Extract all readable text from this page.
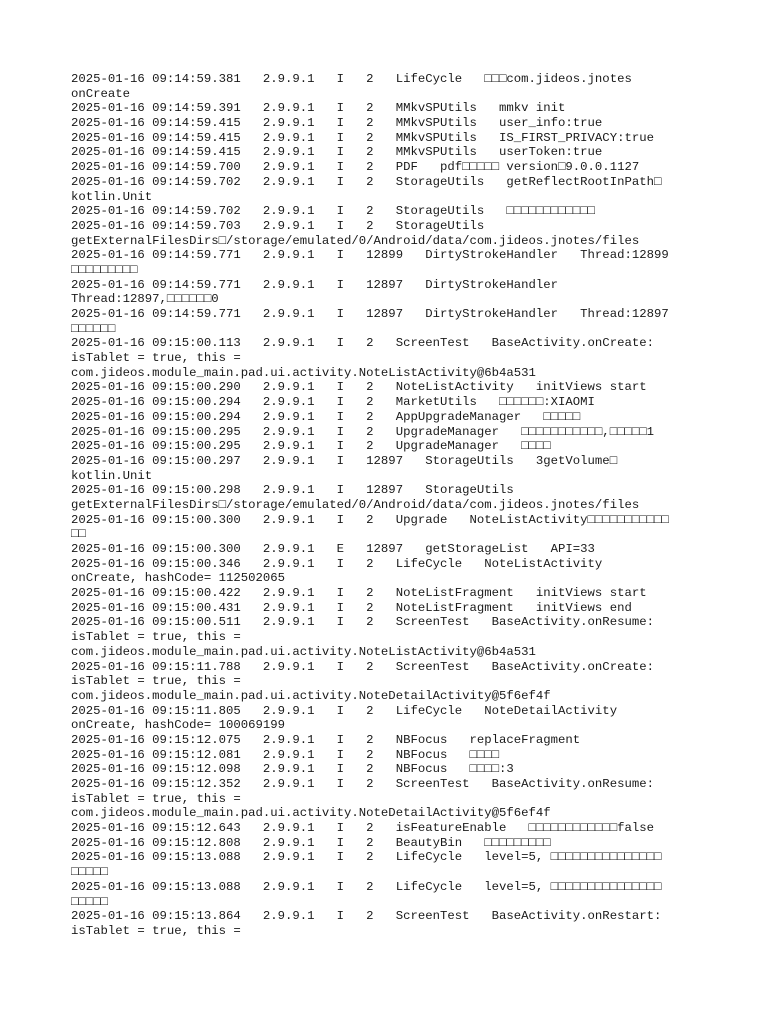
2025-01-16 09:14:59.381   2.9.9.1   I   2   LifeCycle   □□□com.jideos.jnotes
onCreate
2025-01-16 09:14:59.391   2.9.9.1   I   2   MMkvSPUtils   mmkv init
2025-01-16 09:14:59.415   2.9.9.1   I   2   MMkvSPUtils   user_info:true
2025-01-16 09:14:59.415   2.9.9.1   I   2   MMkvSPUtils   IS_FIRST_PRIVACY:true
2025-01-16 09:14:59.415   2.9.9.1   I   2   MMkvSPUtils   userToken:true
2025-01-16 09:14:59.700   2.9.9.1   I   2   PDF   pdf□□□□□ version□9.0.0.1127
2025-01-16 09:14:59.702   2.9.9.1   I   2   StorageUtils   getReflectRootInPath□
kotlin.Unit
2025-01-16 09:14:59.702   2.9.9.1   I   2   StorageUtils   □□□□□□□□□□□□
2025-01-16 09:14:59.703   2.9.9.1   I   2   StorageUtils
getExternalFilesDirs□/storage/emulated/0/Android/data/com.jideos.jnotes/files
2025-01-16 09:14:59.771   2.9.9.1   I   12899   DirtyStrokeHandler   Thread:12899
□□□□□□□□□
2025-01-16 09:14:59.771   2.9.9.1   I   12897   DirtyStrokeHandler
Thread:12897,□□□□□□0
2025-01-16 09:14:59.771   2.9.9.1   I   12897   DirtyStrokeHandler   Thread:12897
□□□□□□
2025-01-16 09:15:00.113   2.9.9.1   I   2   ScreenTest   BaseActivity.onCreate:
isTablet = true, this =
com.jideos.module_main.pad.ui.activity.NoteListActivity@6b4a531
2025-01-16 09:15:00.290   2.9.9.1   I   2   NoteListActivity   initViews start
2025-01-16 09:15:00.294   2.9.9.1   I   2   MarketUtils   □□□□□□:XIAOMI
2025-01-16 09:15:00.294   2.9.9.1   I   2   AppUpgradeManager   □□□□□
2025-01-16 09:15:00.295   2.9.9.1   I   2   UpgradeManager   □□□□□□□□□□□,□□□□□1
2025-01-16 09:15:00.295   2.9.9.1   I   2   UpgradeManager   □□□□
2025-01-16 09:15:00.297   2.9.9.1   I   12897   StorageUtils   3getVolume□
kotlin.Unit
2025-01-16 09:15:00.298   2.9.9.1   I   12897   StorageUtils
getExternalFilesDirs□/storage/emulated/0/Android/data/com.jideos.jnotes/files
2025-01-16 09:15:00.300   2.9.9.1   I   2   Upgrade   NoteListActivity□□□□□□□□□□□
□□
2025-01-16 09:15:00.300   2.9.9.1   E   12897   getStorageList   API=33
2025-01-16 09:15:00.346   2.9.9.1   I   2   LifeCycle   NoteListActivity
onCreate, hashCode= 112502065
2025-01-16 09:15:00.422   2.9.9.1   I   2   NoteListFragment   initViews start
2025-01-16 09:15:00.431   2.9.9.1   I   2   NoteListFragment   initViews end
2025-01-16 09:15:00.511   2.9.9.1   I   2   ScreenTest   BaseActivity.onResume:
isTablet = true, this =
com.jideos.module_main.pad.ui.activity.NoteListActivity@6b4a531
2025-01-16 09:15:11.788   2.9.9.1   I   2   ScreenTest   BaseActivity.onCreate:
isTablet = true, this =
com.jideos.module_main.pad.ui.activity.NoteDetailActivity@5f6ef4f
2025-01-16 09:15:11.805   2.9.9.1   I   2   LifeCycle   NoteDetailActivity
onCreate, hashCode= 100069199
2025-01-16 09:15:12.075   2.9.9.1   I   2   NBFocus   replaceFragment
2025-01-16 09:15:12.081   2.9.9.1   I   2   NBFocus   □□□□
2025-01-16 09:15:12.098   2.9.9.1   I   2   NBFocus   □□□□:3
2025-01-16 09:15:12.352   2.9.9.1   I   2   ScreenTest   BaseActivity.onResume:
isTablet = true, this =
com.jideos.module_main.pad.ui.activity.NoteDetailActivity@5f6ef4f
2025-01-16 09:15:12.643   2.9.9.1   I   2   isFeatureEnable   □□□□□□□□□□□□false
2025-01-16 09:15:12.808   2.9.9.1   I   2   BeautyBin   □□□□□□□□□
2025-01-16 09:15:13.088   2.9.9.1   I   2   LifeCycle   level=5, □□□□□□□□□□□□□□□
□□□□□
2025-01-16 09:15:13.088   2.9.9.1   I   2   LifeCycle   level=5, □□□□□□□□□□□□□□□
□□□□□
2025-01-16 09:15:13.864   2.9.9.1   I   2   ScreenTest   BaseActivity.onRestart:
isTablet = true, this =
